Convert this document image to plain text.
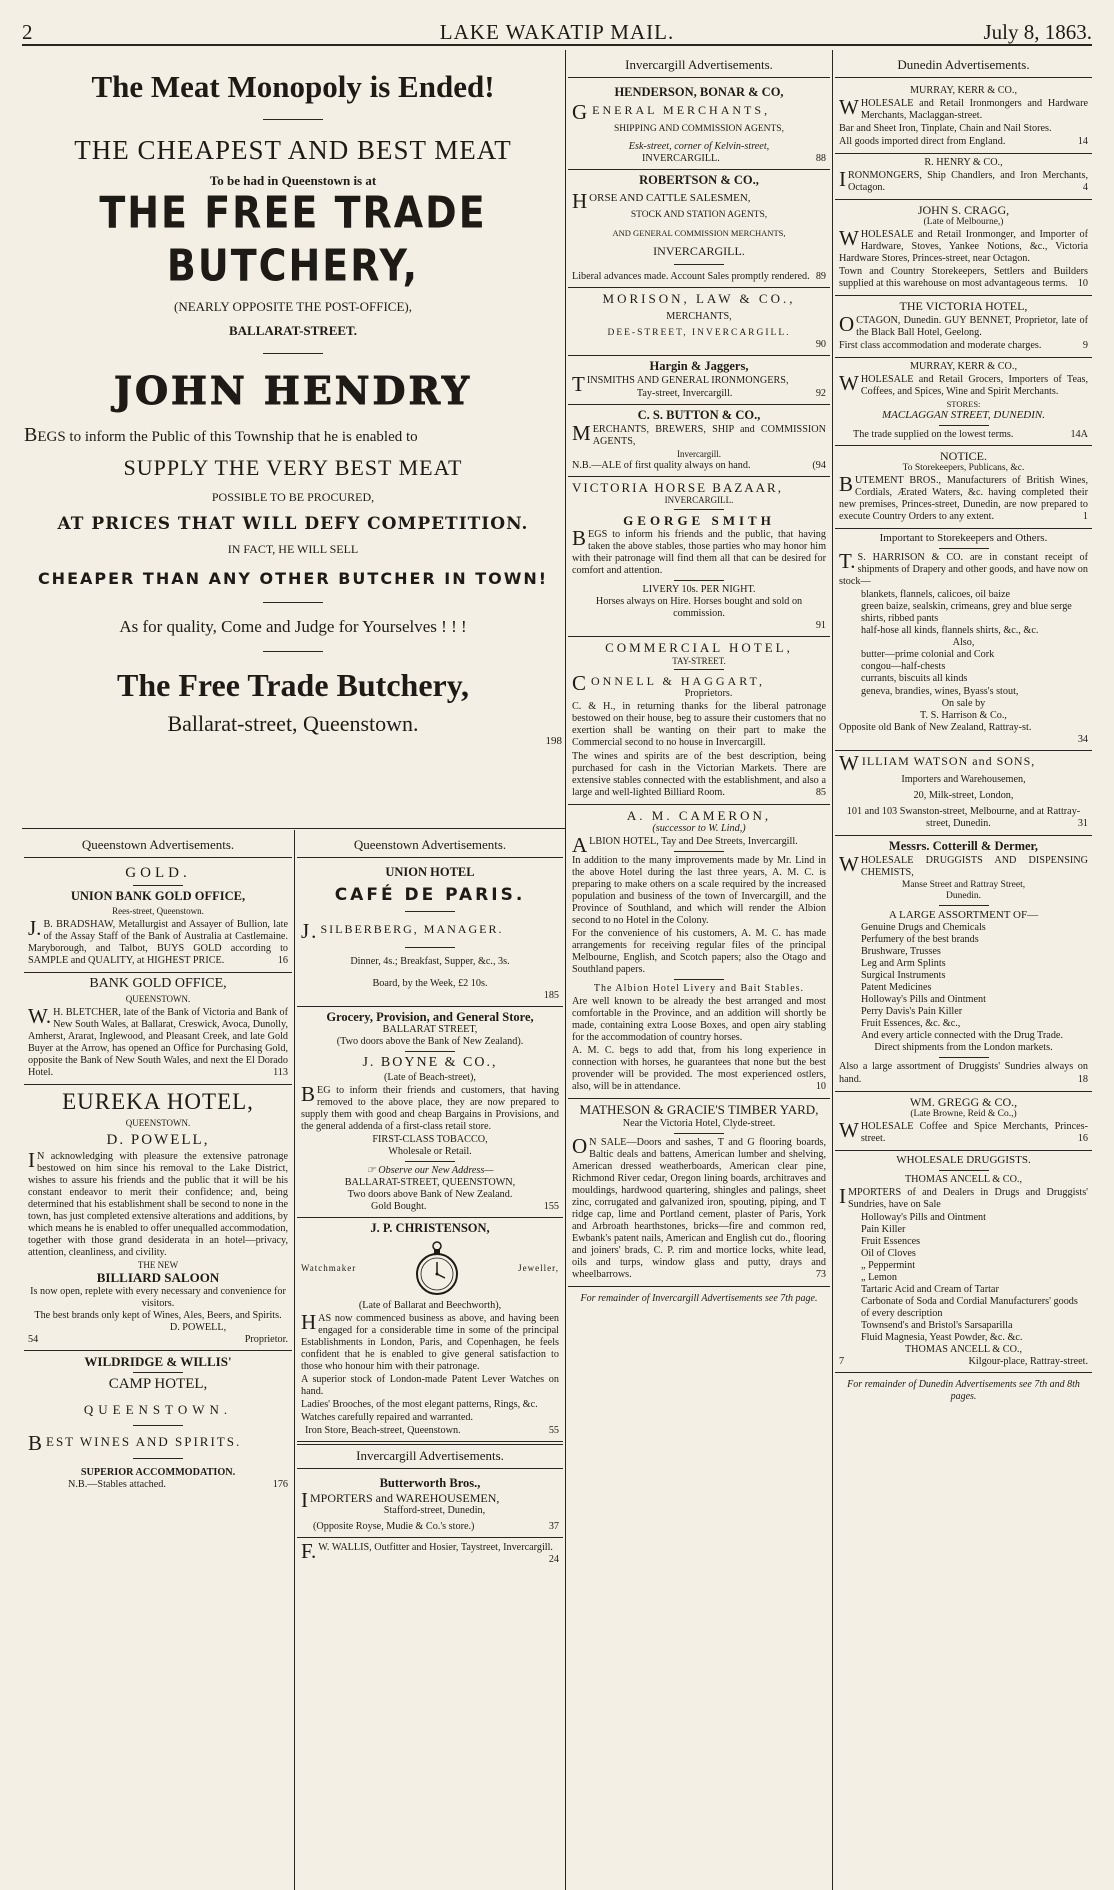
2	LAKE WAKATIP MAIL.	July 8, 1863.
The Meat Monopoly is Ended!
THE CHEAPEST AND BEST MEAT
To be had in Queenstown is at
THE FREE TRADE BUTCHERY,
(NEARLY OPPOSITE THE POST-OFFICE),
BALLARAT-STREET.
JOHN HENDRY
BEGS to inform the Public of this Township that he is enabled to
SUPPLY THE VERY BEST MEAT
POSSIBLE TO BE PROCURED,
AT PRICES THAT WILL DEFY COMPETITION.
IN FACT, HE WILL SELL
CHEAPER THAN ANY OTHER BUTCHER IN TOWN!
As for quality, Come and Judge for Yourselves ! ! !
The Free Trade Butchery,
Ballarat-street, Queenstown.
198
Queenstown Advertisements.
GOLD.
UNION BANK GOLD OFFICE,
Rees-street, Queenstown.

J. B. BRADSHAW, Metallurgist and Assayer of Bullion, late of the Assay Staff of the Bank of Australia at Castlemaine. Maryborough, and Talbot, BUYS GOLD according to SAMPLE and QUALITY, at HIGHEST PRICE.	16

BANK GOLD OFFICE,
QUEENSTOWN.

W. H. BLETCHER, late of the Bank of Victoria and Bank of New South Wales, at Ballarat, Creswick, Avoca, Dunolly, Amherst, Ararat, Inglewood, and Pleasant Creek, and late Gold Buyer at the Arrow, has opened an Office for Purchasing Gold, opposite the Bank of New South Wales, and next the El Dorado Hotel.	113

EUREKA HOTEL,
QUEENSTOWN.
D. POWELL,

I N acknowledging with pleasure the extensive patronage bestowed on him since his removal to the Lake District, wishes to assure his friends and the public that it will be his constant endeavor to merit their confidence; and, being determined that his establishment shall be second to none in the town, has just completed extensive alterations and additions, by which means he is enabled to offer unequalled accommodation, together with those grand desiderata in an hotel—privacy, attention, cleanliness, and civility.

THE NEW
BILLIARD SALOON
Is now open, replete with every necessary and convenience for visitors.
The best brands only kept of Wines, Ales, Beers, and Spirits.
D. POWELL,
54	Proprietor.
WILDRIDGE & WILLIS'
CAMP HOTEL,
QUEENSTOWN.
BEST WINES AND SPIRITS.
SUPERIOR ACCOMMODATION.
N.B.—Stables attached.	176
Queenstown Advertisements.
UNION HOTEL
CAFÉ DE PARIS.
J. SILBERBERG, MANAGER.
Dinner, 4s.; Breakfast, Supper, &c., 3s.
Board, by the Week, £2 10s.
185
Grocery, Provision, and General Store,
BALLARAT STREET,
(Two doors above the Bank of New Zealand).
J. BOYNE & CO.,
(Late of Beach-street),

BEG to inform their friends and customers, that having removed to the above place, they are now prepared to supply them with good and cheap Bargains in Provisions, and the general addenda of a first-class retail store.

FIRST-CLASS TOBACCO,
Wholesale or Retail.
☞ Observe our New Address—
BALLARAT-STREET, QUEENSTOWN,
Two doors above Bank of New Zealand.
Gold Bought.	155
J. P. CHRISTENSON,
Watchmaker	Jeweller,
(Late of Ballarat and Beechworth),

HAS now commenced business as above, and having been engaged for a considerable time in some of the principal Establishments in London, Paris, and Copenhagen, he feels confident that he is enabled to give general satisfaction to those who honour him with their patronage.

A superior stock of London-made Patent Lever Watches on hand.

Ladies' Brooches, of the most elegant patterns, Rings, &c.

Watches carefully repaired and warranted.

Iron Store, Beach-street, Queenstown.	55
Invercargill Advertisements.
Butterworth Bros.,
IMPORTERS and WAREHOUSEMEN,
Stafford-street, Dunedin,
(Opposite Royse, Mudie & Co.'s store.)	37

F. W. WALLIS, Outfitter and Hosier, Taystreet, Invercargill.
24

Invercargill Advertisements.
HENDERSON, BONAR & CO,
GENERAL MERCHANTS,
SHIPPING AND COMMISSION AGENTS,
Esk-street, corner of Kelvin-street,
INVERCARGILL.	88
ROBERTSON & CO.,
HORSE AND CATTLE SALESMEN,
STOCK AND STATION AGENTS,
AND GENERAL COMMISSION MERCHANTS,
INVERCARGILL.
Liberal advances made. Account Sales promptly rendered. 89
MORISON, LAW & CO.,
MERCHANTS,
DEE-STREET, INVERCARGILL.
90
Hargin & Jaggers,

TINSMITHS AND GENERAL IRONMONGERS,

Tay-street, Invercargill.	92
C. S. BUTTON & CO.,

MERCHANTS, BREWERS, SHIP and COMMISSION AGENTS,

Invercargill.
N.B.—ALE of first quality always on hand.	(94
VICTORIA HORSE BAZAAR,
INVERCARGILL.
GEORGE SMITH

BEGS to inform his friends and the public, that having taken the above stables, those parties who may honor him with their patronage will find them all that can be desired for comfort and attention.

LIVERY 10s. PER NIGHT.
Horses always on Hire. Horses bought and sold on commission.
91
COMMERCIAL HOTEL,
TAY-STREET.
CONNELL & HAGGART,
Proprietors.

C. & H., in returning thanks for the liberal patronage bestowed on their house, beg to assure their customers that no exertion shall be wanting on their part to make the Commercial second to no house in Invercargill.

The wines and spirits are of the best description, being purchased for cash in the Victorian Markets. There are extensive stables connected with the establishment, and also a large and well-lighted Billiard Room.	85

A. M. CAMERON,
(successor to W. Lind,)

ALBION HOTEL, Tay and Dee Streets, Invercargill.

In addition to the many improvements made by Mr. Lind in the above Hotel during the last three years, A. M. C. is preparing to make others on a scale required by the increased population and business of the town of Invercargill, and the Province of Southland, and which will render the Albion second to no Hotel in the Colony.

For the convenience of his customers, A. M. C. has made arrangements for receiving regular files of the principal Melbourne, English, and Scotch papers; also the Otago and Southland papers.

The Albion Hotel Livery and Bait Stables.

Are well known to be already the best arranged and most comfortable in the Province, and an addition will shortly be made, containing extra Loose Boxes, and open airy stabling for the accommodation of country horses.

A. M. C. begs to add that, from his long experience in connection with horses, he guarantees that none but the best provender will be provided. The most experienced ostlers, also, will be in attendance.	10

MATHESON & GRACIE'S TIMBER YARD,
Near the Victoria Hotel, Clyde-street.

O N SALE—Doors and sashes, T and G flooring boards, Baltic deals and battens, American lumber and shelving, American dressed weatherboards, American clear pine, Richmond River cedar, Oregon lining boards, architraves and mouldings, hardwood quartering, shingles and palings, sheet zinc, corrugated and galvanized iron, spouting, piping, and T ridge cap, lime and Portland cement, plaster of Paris, York and Arbroath hearthstones, bricks—fire and common red, Ewbank's patent nails, American and English cut do., flooring and joiners' brads, C. P. rim and mortice locks, white lead, oils and turps, window glass and putty, drays and wheelbarrows.	73

For remainder of Invercargill Advertisements see 7th page.
Dunedin Advertisements.
MURRAY, KERR & CO.,

WHOLESALE and Retail Ironmongers and Hardware Merchants, Maclaggan-street.

Bar and Sheet Iron, Tinplate, Chain and Nail Stores.

All goods imported direct from England.	14

R. HENRY & CO.,

IRONMONGERS, Ship Chandlers, and Iron Merchants, Octagon.	4

JOHN S. CRAGG,
(Late of Melbourne,)

WHOLESALE and Retail Ironmonger, and Importer of Hardware, Stoves, Yankee Notions, &c., Victoria Hardware Stores, Princes-street, near Octagon.

Town and Country Storekeepers, Settlers and Builders supplied at this warehouse on most advantageous terms. 10

THE VICTORIA HOTEL,

OCTAGON, Dunedin. GUY BENNET, Proprietor, late of the Black Ball Hotel, Geelong.

First class accommodation and moderate charges.	9

MURRAY, KERR & CO.,

WHOLESALE and Retail Grocers, Importers of Teas, Coffees, and Spices, Wine and Spirit Merchants.

STORES:
MACLAGGAN STREET, DUNEDIN.
The trade supplied on the lowest terms.	14A
NOTICE.
To Storekeepers, Publicans, &c.

BUTEMENT BROS., Manufacturers of British Wines, Cordials, Ærated Waters, &c. having completed their new premises, Princes-street, Dunedin, are now prepared to execute Country Orders to any extent.	1

Important to Storekeepers and Others.

T. S. HARRISON & CO. are in constant receipt of shipments of Drapery and other goods, and have now on stock—

blankets, flannels, calicoes, oil baize
green baize, sealskin, crimeans, grey and blue serge shirts, ribbed pants
half-hose all kinds, flannels shirts, &c., &c.
Also,
butter—prime colonial and Cork
congou—half-chests
currants, biscuits all kinds
geneva, brandies, wines, Byass's stout,
On sale by
T. S. Harrison & Co.,
Opposite old Bank of New Zealand, Rattray-st.
34
WILLIAM WATSON and SONS,
Importers and Warehousemen,
20, Milk-street, London,

101 and 103 Swanston-street, Melbourne, and at Rattray-street, Dunedin.	31

Messrs. Cotterill & Dermer,

WHOLESALE DRUGGISTS AND DISPENSING CHEMISTS,

Manse Street and Rattray Street,
Dunedin.
A LARGE ASSORTMENT OF—
Genuine Drugs and Chemicals
Perfumery of the best brands
Brushware, Trusses
Leg and Arm Splints
Surgical Instruments
Patent Medicines
Holloway's Pills and Ointment
Perry Davis's Pain Killer
Fruit Essences, &c. &c.,
And every article connected with the Drug Trade.
Direct shipments from the London markets.

Also a large assortment of Druggists' Sundries always on hand.	18

WM. GREGG & CO.,
(Late Browne, Reid & Co.,)

WHOLESALE Coffee and Spice Merchants, Princes-street.	16

WHOLESALE DRUGGISTS.
THOMAS ANCELL & CO.,

IMPORTERS of and Dealers in Drugs and Druggists' Sundries, have on Sale

Holloway's Pills and Ointment
Pain Killer
Fruit Essences
Oil of Cloves
„ Peppermint
„ Lemon
Tartaric Acid and Cream of Tartar
Carbonate of Soda and Cordial Manufacturers' goods of every description
Townsend's and Bristol's Sarsaparilla
Fluid Magnesia, Yeast Powder, &c. &c.
THOMAS ANCELL & CO.,
7	Kilgour-place, Rattray-street.
For remainder of Dunedin Advertisements see 7th and 8th pages.
